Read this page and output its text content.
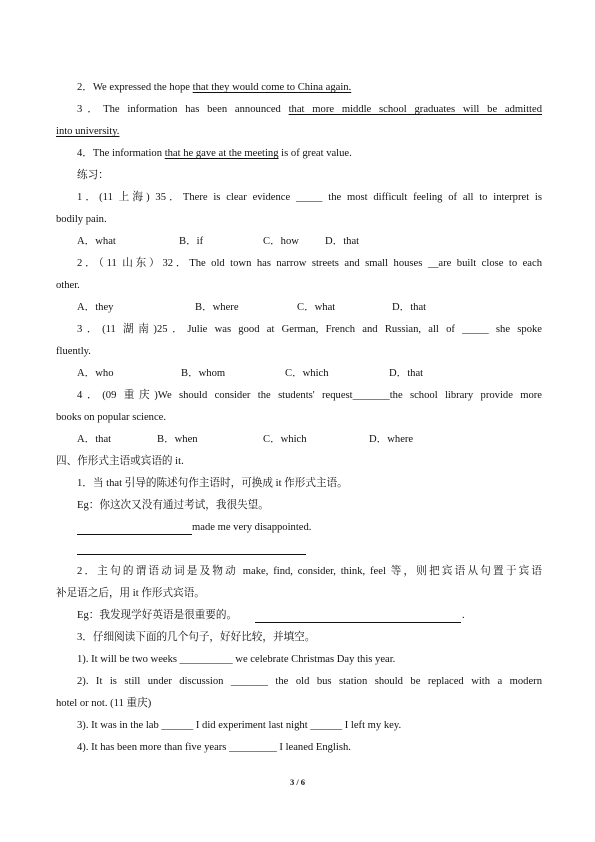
2．We expressed the hope that they would come to China again.
3．The information has been announced that more middle school graduates will be admitted
into university.
4．The information that he gave at the meeting is of great value.
练习：
1．(11 上海) 35．There is clear evidence _____ the most difficult feeling of all to interpret is
bodily pain.
A．what	B．if	C．how D．that
2．（11 山东）32．The old town has narrow streets and small houses __are built close to each
other.
A．they	B．where	C．what	D．that
3．(11 湖南)25．Julie was good at German, French and Russian, all of _____ she spoke
fluently.
A．who	B．whom	C．which	D．that
4．(09 重庆)We should consider the students' request_______the school library provide more
books on popular science.
A．that	B．when	C．which	D．where
四、作形式主语或宾语的 it.
1．当 that 引导的陈述句作主语时，可换成 it 作形式主语。
Eg：你这次又没有通过考试，我很失望。
made me very disappointed.
2．主句的谓语动词是及物动 make, find, consider, think, feel 等，则把宾语从句置于宾语
补足语之后，用 it 作形式宾语。
Eg：我发现学好英语是很重要的。	.
3．仔细阅读下面的几个句子，好好比较，并填空。
1). It will be two weeks __________ we celebrate Christmas Day this year.
2). It is still under discussion _______ the old bus station should be replaced with a modern
hotel or not. (11 重庆)
3). It was in the lab ______ I did experiment last night ______ I left my key.
4). It has been more than five years _________ I leaned English.
3 / 6
